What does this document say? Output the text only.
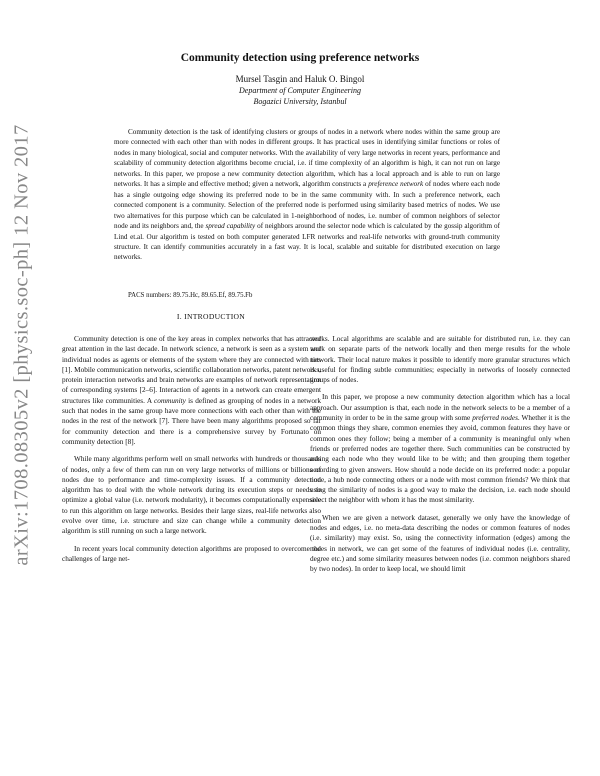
arXiv:1708.08305v2 [physics.soc-ph] 12 Nov 2017
Community detection using preference networks
Mursel Tasgin and Haluk O. Bingol
Department of Computer Engineering
Bogazici University, Istanbul

Community detection is the task of identifying clusters or groups of nodes in a network where nodes within the same group are more connected with each other than with nodes in different groups. It has practical uses in identifying similar functions or roles of nodes in many biological, social and computer networks. With the availability of very large networks in recent years, performance and scalability of community detection algorithms become crucial, i.e. if time complexity of an algorithm is high, it can not run on large networks. In this paper, we propose a new community detection algorithm, which has a local approach and is able to run on large networks. It has a simple and effective method; given a network, algorithm constructs a preference network of nodes where each node has a single outgoing edge showing its preferred node to be in the same community with. In such a preference network, each connected component is a community. Selection of the preferred node is performed using similarity based metrics of nodes. We use two alternatives for this purpose which can be calculated in 1-neighborhood of nodes, i.e. number of common neighbors of selector node and its neighbors and, the spread capability of neighbors around the selector node which is calculated by the gossip algorithm of Lind et.al. Our algorithm is tested on both computer generated LFR networks and real-life networks with ground-truth community structure. It can identify communities accurately in a fast way. It is local, scalable and suitable for distributed execution on large networks.

PACS numbers: 89.75.Hc, 89.65.Ef, 89.75.Fb
I. INTRODUCTION

Community detection is one of the key areas in complex networks that has attracted great attention in the last decade. In network science, a network is seen as a system and individual nodes as agents or elements of the system where they are connected with ties [1]. Mobile communication networks, scientific collaboration networks, patent networks, protein interaction networks and brain networks are examples of network representation of corresponding systems [2–6]. Interaction of agents in a network can create emergent structures like communities. A community is defined as grouping of nodes in a network such that nodes in the same group have more connections with each other than with the nodes in the rest of the network [7]. There have been many algorithms proposed so far for community detection and there is a comprehensive survey by Fortunato on community detection [8].

While many algorithms perform well on small networks with hundreds or thousands of nodes, only a few of them can run on very large networks of millions or billions of nodes due to performance and time-complexity issues. If a community detection algorithm has to deal with the whole network during its execution steps or needs to optimize a global value (i.e. network modularity), it becomes computationally expensive to run this algorithm on large networks. Besides their large sizes, real-life networks also evolve over time, i.e. structure and size can change while a community detection algorithm is still running on such a large network.

In recent years local community detection algorithms are proposed to overcome the challenges of large net-

works. Local algorithms are scalable and are suitable for distributed run, i.e. they can work on separate parts of the network locally and then merge results for the whole network. Their local nature makes it possible to identify more granular structures which is useful for finding subtle communities; especially in networks of loosely connected groups of nodes.

In this paper, we propose a new community detection algorithm which has a local approach. Our assumption is that, each node in the network selects to be a member of a community in order to be in the same group with some preferred nodes. Whether it is the common things they share, common enemies they avoid, common features they have or common ones they follow; being a member of a community is meaningful only when friends or preferred nodes are together there. Such communities can be constructed by asking each node who they would like to be with; and then grouping them together according to given answers. How should a node decide on its preferred node: a popular node, a hub node connecting others or a node with most common friends? We think that using the similarity of nodes is a good way to make the decision, i.e. each node should select the neighbor with whom it has the most similarity.

When we are given a network dataset, generally we only have the knowledge of nodes and edges, i.e. no meta-data describing the nodes or common features of nodes (i.e. similarity) may exist. So, using the connectivity information (edges) among the nodes in network, we can get some of the features of individual nodes (i.e. centrality, degree etc.) and some similarity measures between nodes (i.e. common neighbors shared by two nodes). In order to keep local, we should limit
